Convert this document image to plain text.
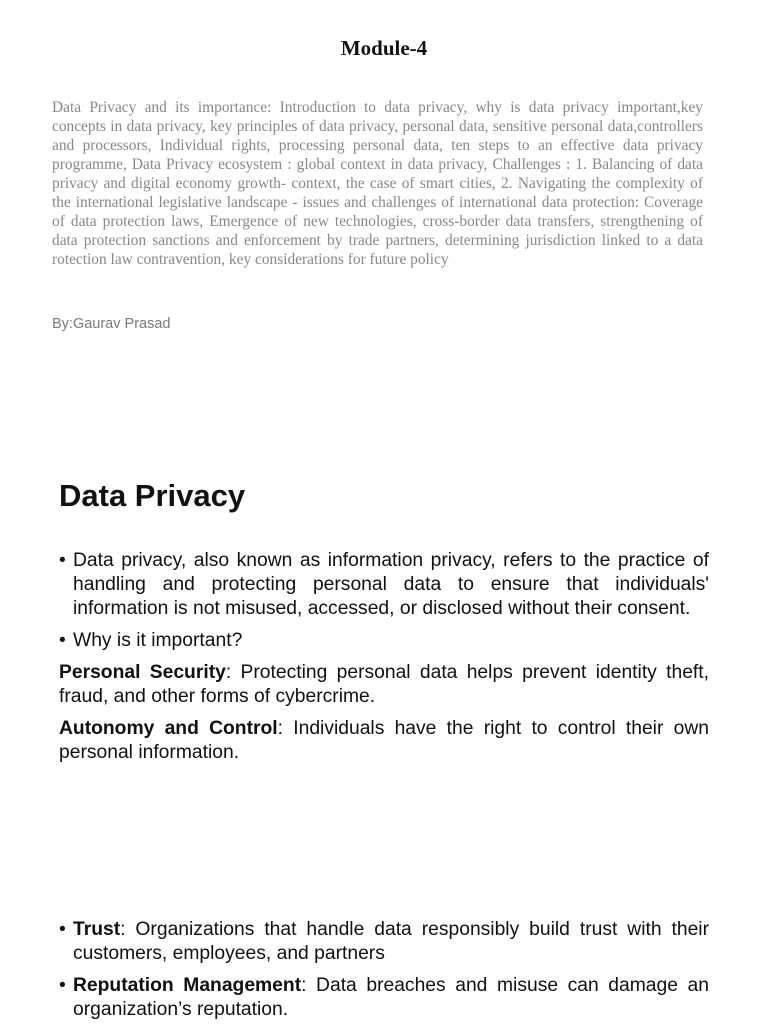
Module-4

Data Privacy and its importance: Introduction to data privacy, why is data privacy important,key concepts in data privacy, key principles of data privacy, personal data, sensitive personal data,controllers and processors, Individual rights, processing personal data, ten steps to an effective data privacy programme, Data Privacy ecosystem : global context in data privacy, Challenges : 1. Balancing of data privacy and digital economy growth- context, the case of smart cities, 2. Navigating the complexity of the international legislative landscape - issues and challenges of international data protection: Coverage of data protection laws, Emergence of new technologies, cross-border data transfers, strengthening of data protection sanctions and enforcement by trade partners, determining jurisdiction linked to a data rotection law contravention, key considerations for future policy

By:Gaurav Prasad
Data Privacy
• Data privacy, also known as information privacy, refers to the practice of handling and protecting personal data to ensure that individuals' information is not misused, accessed, or disclosed without their consent.
• Why is it important?
Personal Security: Protecting personal data helps prevent identity theft, fraud, and other forms of cybercrime.
Autonomy and Control: Individuals have the right to control their own personal information.
• Trust: Organizations that handle data responsibly build trust with their customers, employees, and partners
• Reputation Management: Data breaches and misuse can damage an organization’s reputation.
